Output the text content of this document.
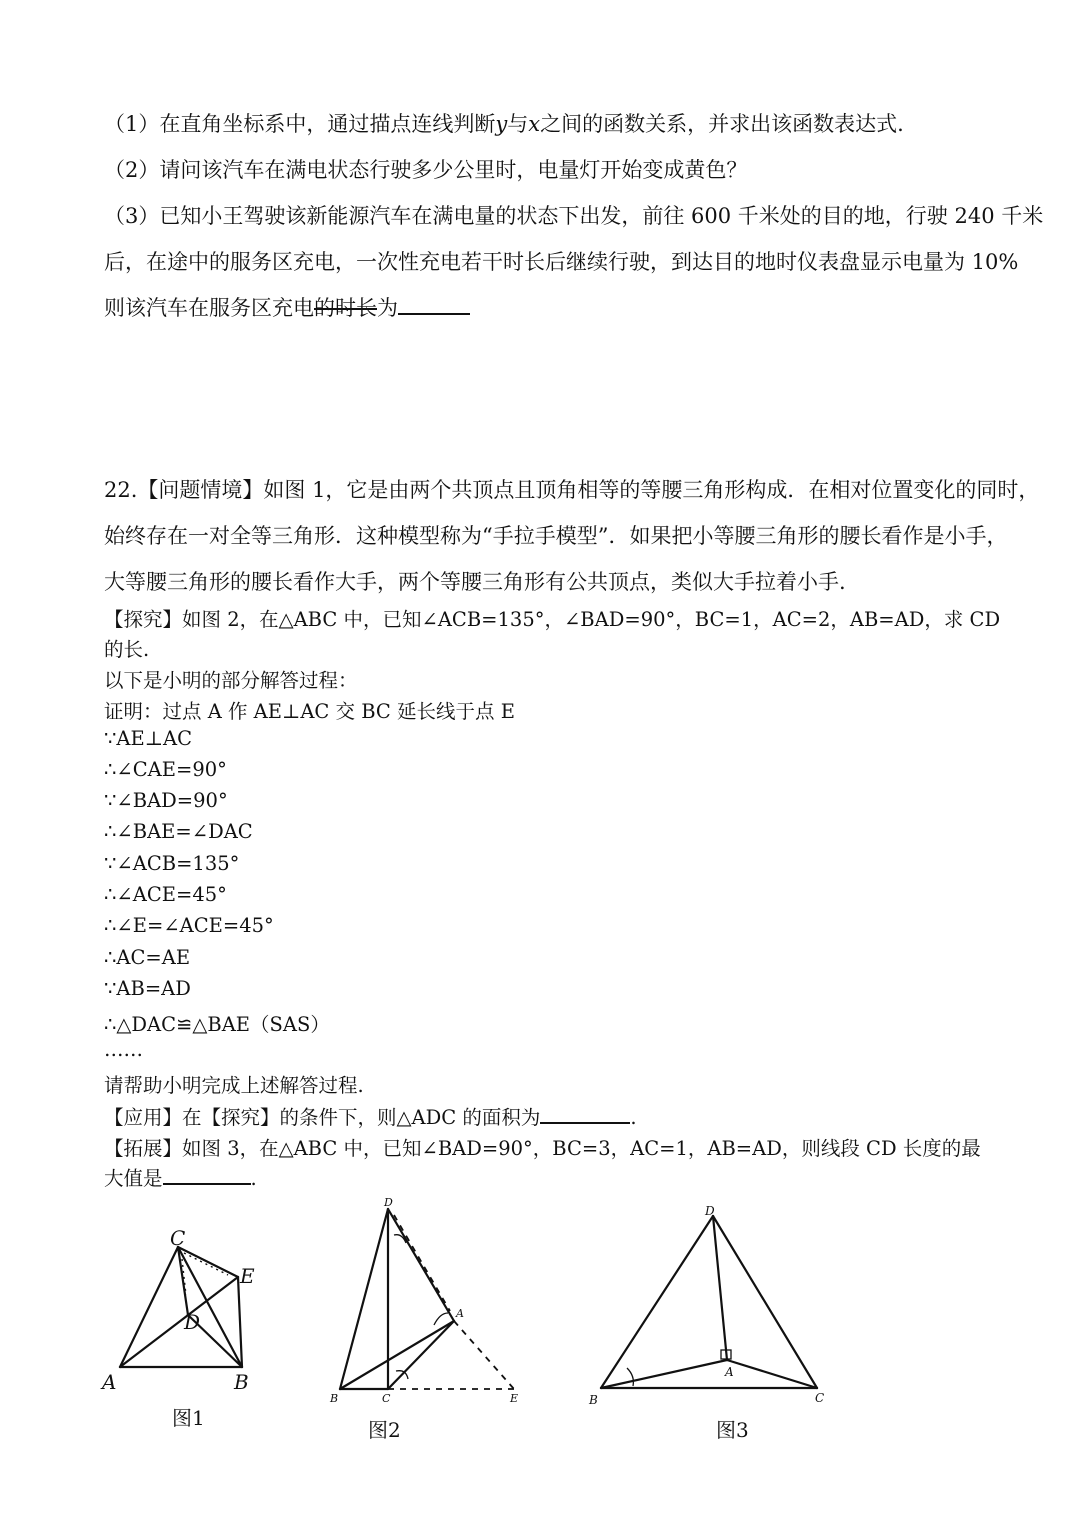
（1）在直角坐标系中，通过描点连线判断y与x之间的函数关系，并求出该函数表达式.
（2）请问该汽车在满电状态行驶多少公里时，电量灯开始变成黄色？
（3）已知小王驾驶该新能源汽车在满电量的状态下出发，前往 600 千米处的目的地，行驶 240 千米
后，在途中的服务区充电，一次性充电若干时长后继续行驶，到达目的地时仪表盘显示电量为 10%
则该汽车在服务区充电的时长为
22.【问题情境】如图 1，它是由两个共顶点且顶角相等的等腰三角形构成．在相对位置变化的同时，
始终存在一对全等三角形．这种模型称为“手拉手模型”．如果把小等腰三角形的腰长看作是小手，
大等腰三角形的腰长看作大手，两个等腰三角形有公共顶点，类似大手拉着小手.
【探究】如图 2，在△ABC 中，已知∠ACB=135°，∠BAD=90°，BC=1，AC=2，AB=AD，求 CD
的长.
以下是小明的部分解答过程：
证明：过点 A 作 AE⊥AC 交 BC 延长线于点 E
∵AE⊥AC
∴∠CAE=90°
∵∠BAD=90°
∴∠BAE=∠DAC
∵∠ACB=135°
∴∠ACE=45°
∴∠E=∠ACE=45°
∴AC=AE
∵AB=AD
∴△DAC≌△BAE（SAS）
……
请帮助小明完成上述解答过程.
【应用】在【探究】的条件下，则△ADC 的面积为	.
【拓展】如图 3，在△ABC 中，已知∠BAD=90°，BC=3，AC=1，AB=AD，则线段 CD 长度的最
大值是	.
A	B
C
D
E
图1
B	C
D
A
E
图2
B	C
D
A
图3
